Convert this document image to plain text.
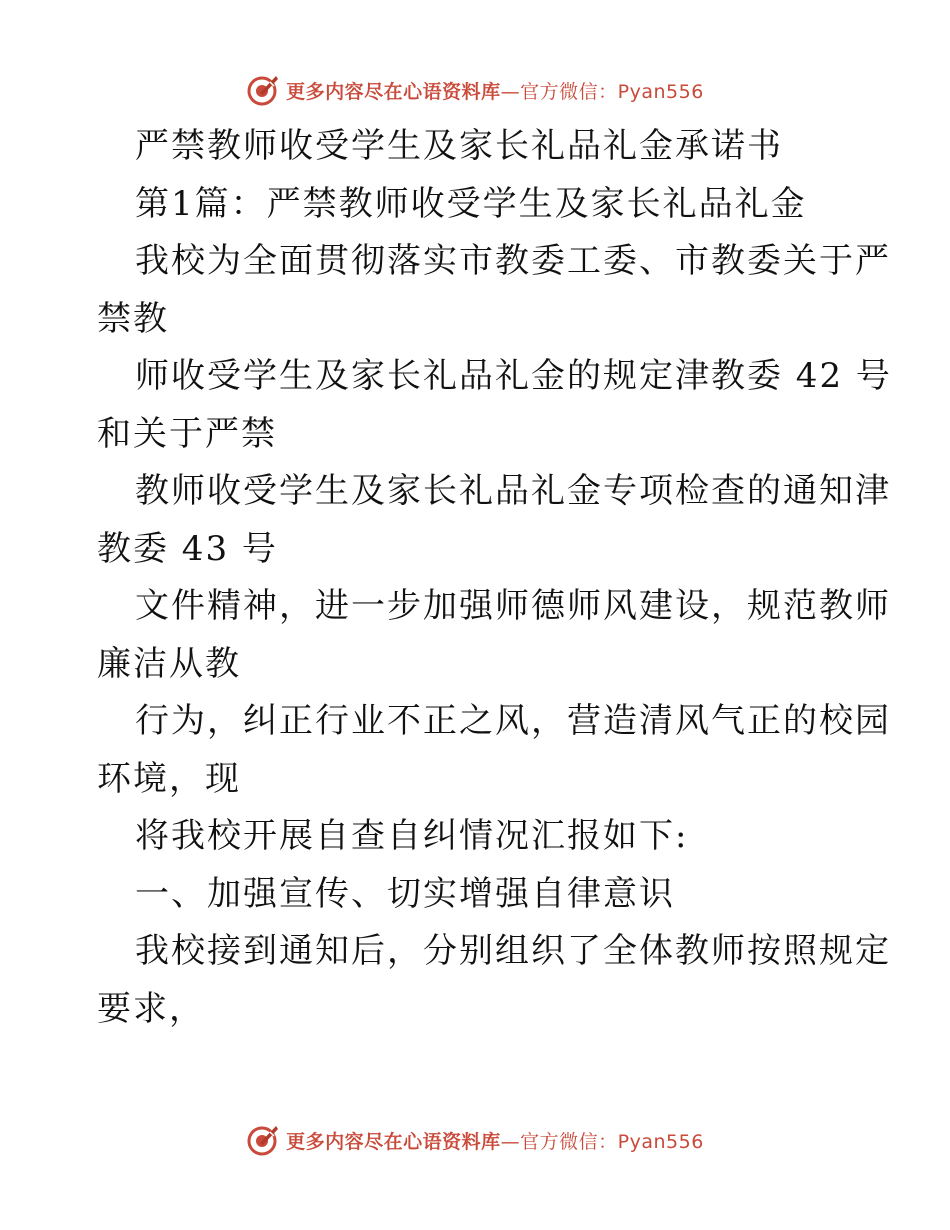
更多内容尽在心语资料库—官方微信：Pyan556
严禁教师收受学生及家长礼品礼金承诺书
第1篇：严禁教师收受学生及家长礼品礼金
我校为全面贯彻落实市教委工委、市教委关于严
禁教
师收受学生及家长礼品礼金的规定津教委 42 号
和关于严禁
教师收受学生及家长礼品礼金专项检查的通知津
教委 43 号
文件精神，进一步加强师德师风建设，规范教师
廉洁从教
行为，纠正行业不正之风，营造清风气正的校园
环境，现
将我校开展自查自纠情况汇报如下:
一、加强宣传、切实增强自律意识
我校接到通知后，分别组织了全体教师按照规定
要求，
更多内容尽在心语资料库—官方微信：Pyan556
